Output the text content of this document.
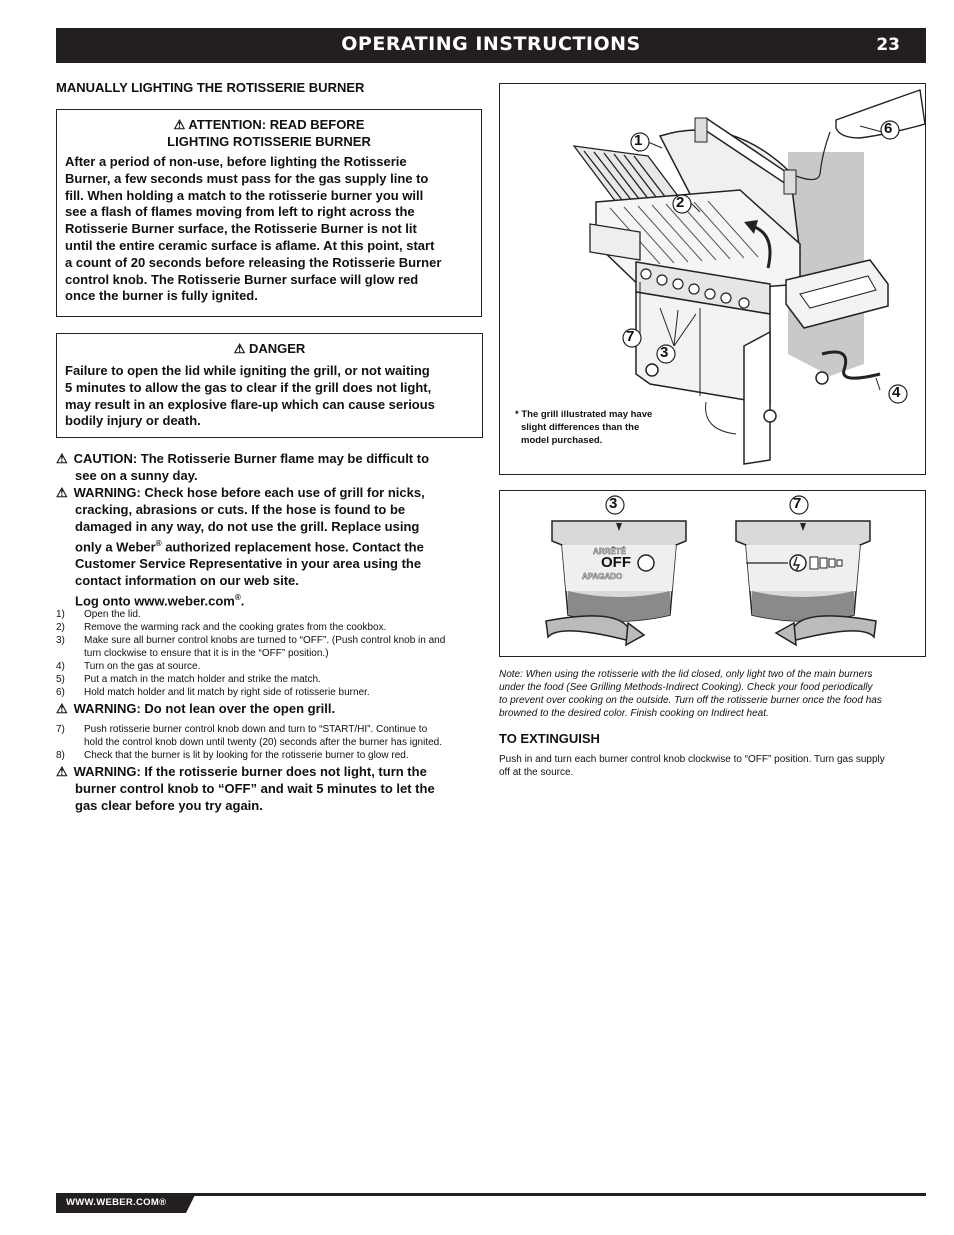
OPERATING INSTRUCTIONS	23
MANUALLY LIGHTING THE ROTISSERIE BURNER
⚠ ATTENTION: READ BEFORE
LIGHTING ROTISSERIE BURNER
After a period of non-use, before lighting the Rotisserie
Burner, a few seconds must pass for the gas supply line to
fill. When holding a match to the rotisserie burner you will
see a flash of flames moving from left to right across the
Rotisserie Burner surface, the Rotisserie Burner is not lit
until the entire ceramic surface is aflame. At this point, start
a count of 20 seconds before releasing the Rotisserie Burner
control knob. The Rotisserie Burner surface will glow red
once the burner is fully ignited.
⚠ DANGER
Failure to open the lid while igniting the grill, or not waiting
5 minutes to allow the gas to clear if the grill does not light,
may result in an explosive flare-up which can cause serious
bodily injury or death.
⚠ CAUTION: The Rotisserie Burner flame may be difficult to
see on a sunny day.
⚠ WARNING: Check hose before each use of grill for nicks,
cracking, abrasions or cuts. If the hose is found to be
damaged in any way, do not use the grill. Replace using
only a Weber® authorized replacement hose. Contact the
Customer Service Representative in your area using the
contact information on our web site.
Log onto www.weber.com®.
1) Open the lid.
2) Remove the warming rack and the cooking grates from the cookbox.
3) Make sure all burner control knobs are turned to “OFF”. (Push control knob in and
turn clockwise to ensure that it is in the “OFF” position.)
4) Turn on the gas at source.
5) Put a match in the match holder and strike the match.
6) Hold match holder and lit match by right side of rotisserie burner.
⚠ WARNING: Do not lean over the open grill.
7) Push rotisserie burner control knob down and turn to “START/HI”. Continue to
hold the control knob down until twenty (20) seconds after the burner has ignited.
8) Check that the burner is lit by looking for the rotisserie burner to glow red.
⚠ WARNING: If the rotisserie burner does not light, turn the
burner control knob to “OFF” and wait 5 minutes to let the
gas clear before you try again.
1
2
3
4
6
7
* The grill illustrated may have
slight differences than the
model purchased.
3	7
ARRÊTÉ
OFF
APAGADO
Note: When using the rotisserie with the lid closed, only light two of the main burners
under the food (See Grilling Methods-Indirect Cooking). Check your food periodically
to prevent over cooking on the outside. Turn off the rotisserie burner once the food has
browned to the desired color. Finish cooking on Indirect heat.
TO EXTINGUISH
Push in and turn each burner control knob clockwise to “OFF” position. Turn gas supply
off at the source.
WWW.WEBER.COM®
